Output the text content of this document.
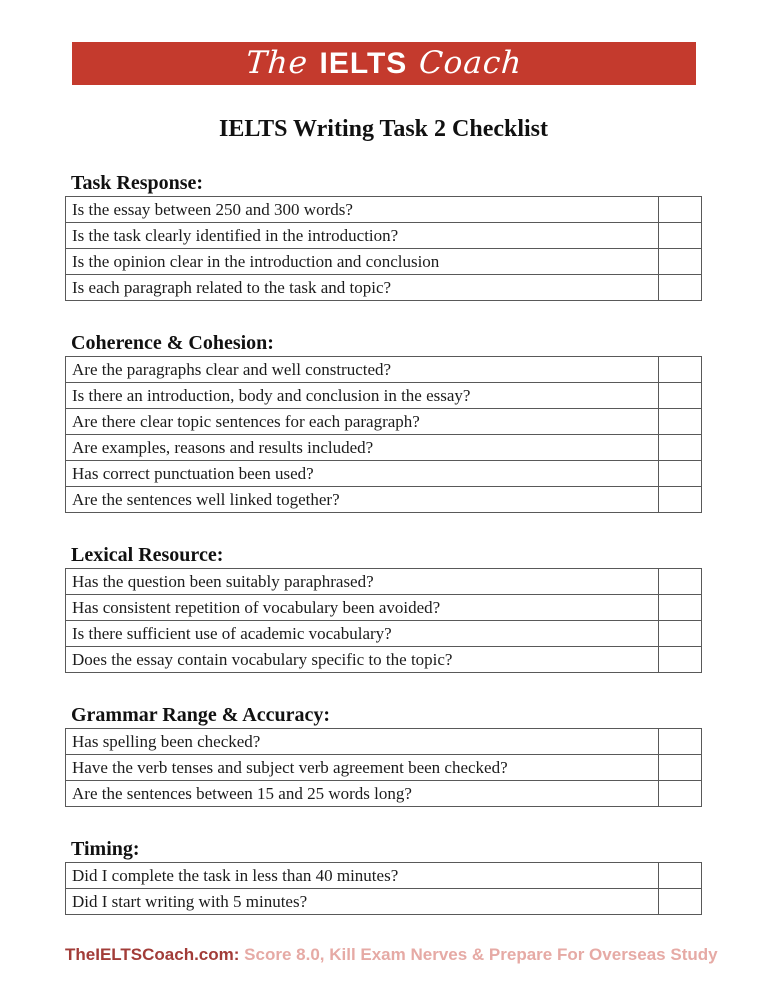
The IELTS Coach
IELTS Writing Task 2 Checklist
Task Response:
Is the essay between 250 and 300 words?	
Is the task clearly identified in the introduction?	
Is the opinion clear in the introduction and conclusion	
Is each paragraph related to the task and topic?	
Coherence & Cohesion:
Are the paragraphs clear and well constructed?	
Is there an introduction, body and conclusion in the essay?	
Are there clear topic sentences for each paragraph?	
Are examples, reasons and results included?	
Has correct punctuation been used?	
Are the sentences well linked together?	
Lexical Resource:
Has the question been suitably paraphrased?	
Has consistent repetition of vocabulary been avoided?	
Is there sufficient use of academic vocabulary?	
Does the essay contain vocabulary specific to the topic?	
Grammar Range & Accuracy:
Has spelling been checked?	
Have the verb tenses and subject verb agreement been checked?	
Are the sentences between 15 and 25 words long?	
Timing:
Did I complete the task in less than 40 minutes?	
Did I start writing with 5 minutes?	
TheIELTSCoach.com: Score 8.0, Kill Exam Nerves & Prepare For Overseas Study
